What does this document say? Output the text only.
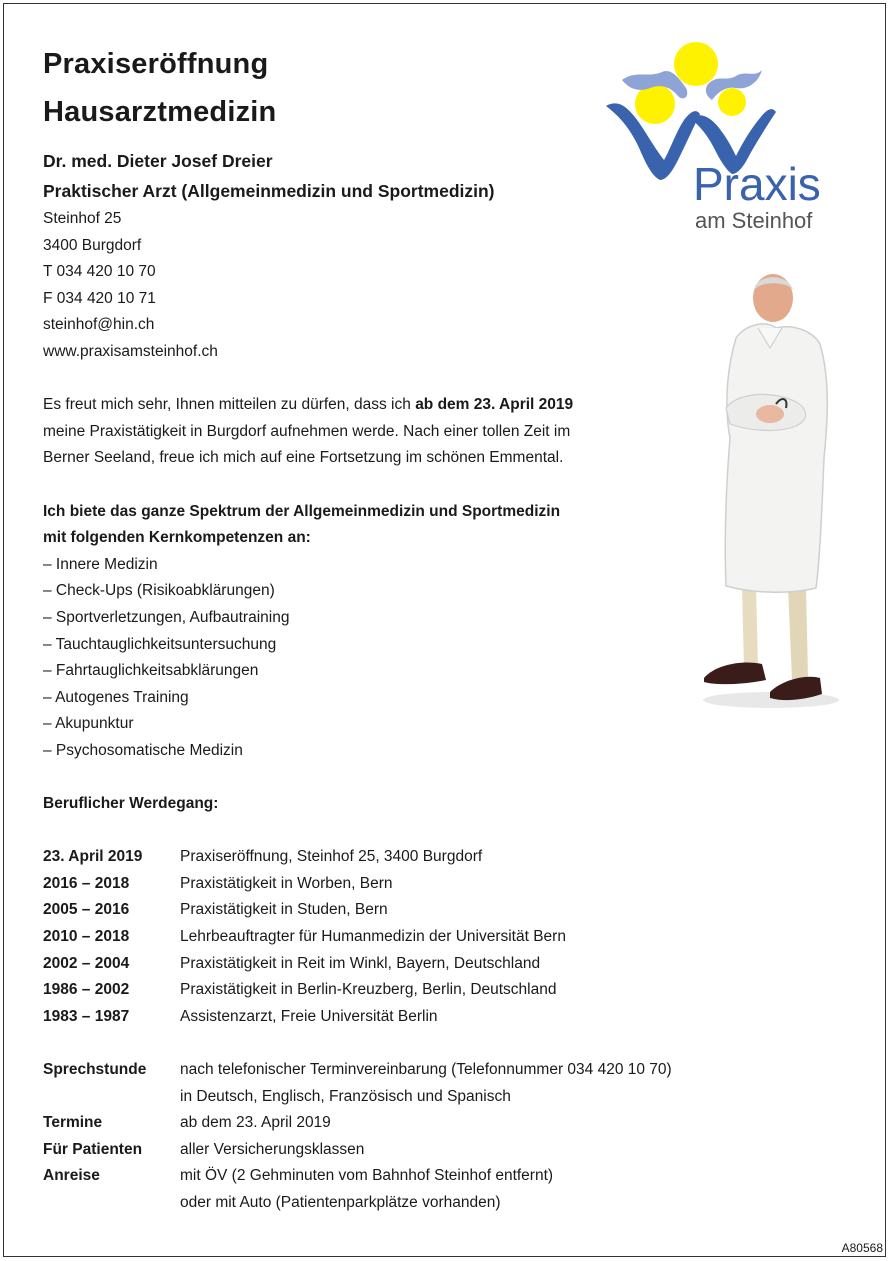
Praxiseröffnung
Hausarztmedizin
Dr. med. Dieter Josef Dreier
Praktischer Arzt (Allgemeinmedizin und Sportmedizin)
Steinhof 25
3400 Burgdorf
T 034 420 10 70
F 034 420 10 71
steinhof@hin.ch
www.praxisamsteinhof.ch
Es freut mich sehr, Ihnen mitteilen zu dürfen, dass ich ab dem 23. April 2019
meine Praxistätigkeit in Burgdorf aufnehmen werde. Nach einer tollen Zeit im
Berner Seeland, freue ich mich auf eine Fortsetzung im schönen Emmental.
Ich biete das ganze Spektrum der Allgemeinmedizin und Sportmedizin
mit folgenden Kernkompetenzen an:
– Innere Medizin
– Check-Ups (Risikoabklärungen)
– Sportverletzungen, Aufbautraining
– Tauchtauglichkeitsuntersuchung
– Fahrtauglichkeitsabklärungen
– Autogenes Training
– Akupunktur
– Psychosomatische Medizin
Beruflicher Werdegang:
23. April 2019	Praxiseröffnung, Steinhof 25, 3400 Burgdorf
2016 – 2018	Praxistätigkeit in Worben, Bern
2005 – 2016	Praxistätigkeit in Studen, Bern
2010 – 2018	Lehrbeauftragter für Humanmedizin der Universität Bern
2002 – 2004	Praxistätigkeit in Reit im Winkl, Bayern, Deutschland
1986 – 2002	Praxistätigkeit in Berlin-Kreuzberg, Berlin, Deutschland
1983 – 1987	Assistenzarzt, Freie Universität Berlin
Sprechstunde	nach telefonischer Terminvereinbarung (Telefonnummer 034 420 10 70)
in Deutsch, Englisch, Französisch und Spanisch
Termine	ab dem 23. April 2019
Für Patienten	aller Versicherungsklassen
Anreise	mit ÖV (2 Gehminuten vom Bahnhof Steinhof entfernt)
oder mit Auto (Patientenparkplätze vorhanden)
Praxis
am Steinhof
A80568
